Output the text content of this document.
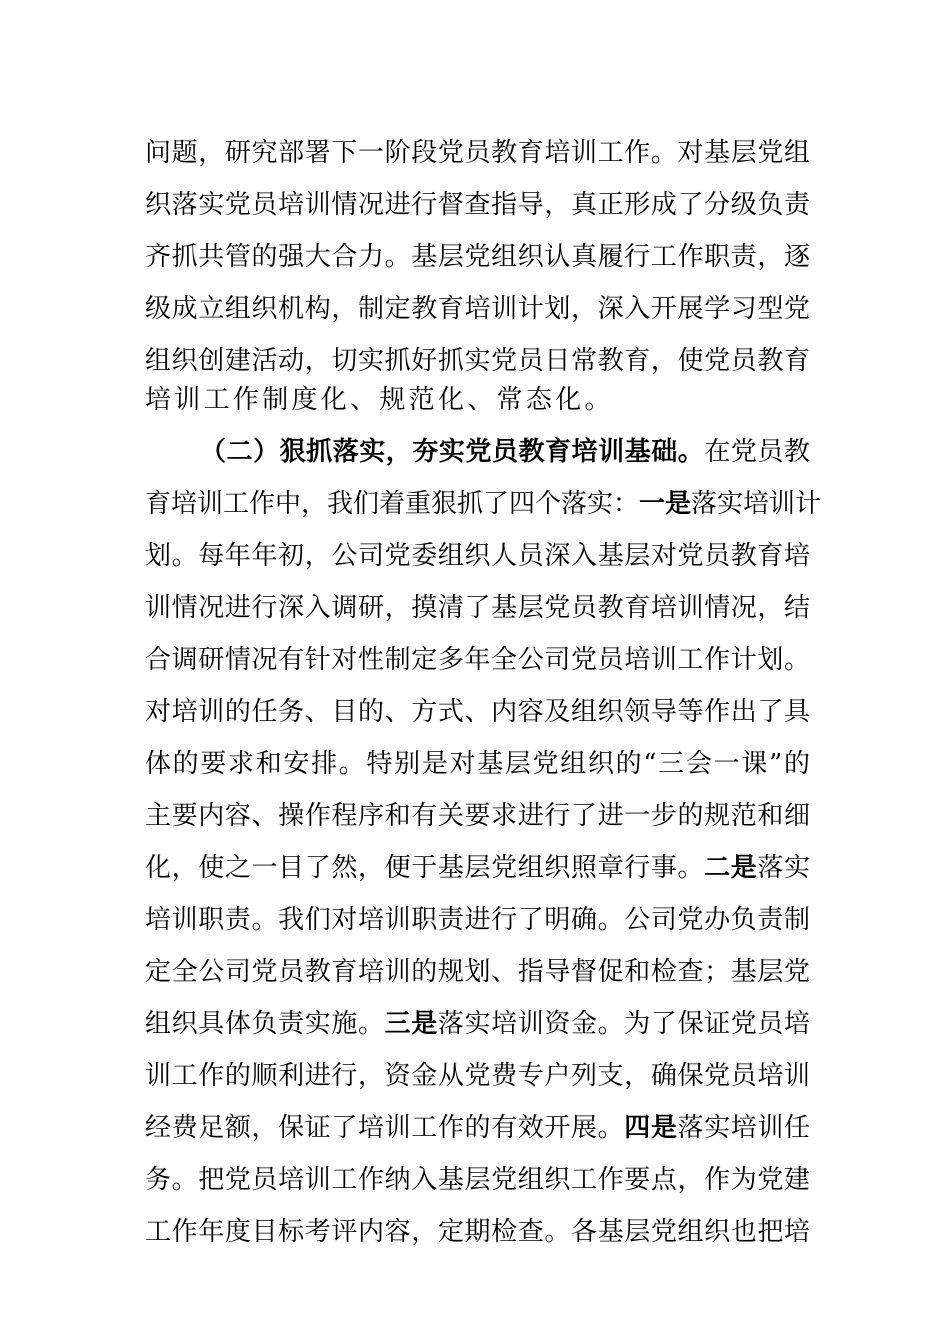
问题，研究部署下一阶段党员教育培训工作。对基层党组
织落实党员培训情况进行督查指导，真正形成了分级负责
齐抓共管的强大合力。基层党组织认真履行工作职责，逐
级成立组织机构，制定教育培训计划，深入开展学习型党
组织创建活动，切实抓好抓实党员日常教育，使党员教育
培训工作制度化、规范化、常态化。
（二）狠抓落实，夯实党员教育培训基础。在党员教
育培训工作中，我们着重狠抓了四个落实：一是落实培训计
划。每年年初，公司党委组织人员深入基层对党员教育培
训情况进行深入调研，摸清了基层党员教育培训情况，结
合调研情况有针对性制定多年全公司党员培训工作计划。
对培训的任务、目的、方式、内容及组织领导等作出了具
体的要求和安排。特别是对基层党组织的“三会一课”的
主要内容、操作程序和有关要求进行了进一步的规范和细
化，使之一目了然，便于基层党组织照章行事。二是落实
培训职责。我们对培训职责进行了明确。公司党办负责制
定全公司党员教育培训的规划、指导督促和检查；基层党
组织具体负责实施。三是落实培训资金。为了保证党员培
训工作的顺利进行，资金从党费专户列支，确保党员培训
经费足额，保证了培训工作的有效开展。四是落实培训任
务。把党员培训工作纳入基层党组织工作要点，作为党建
工作年度目标考评内容，定期检查。各基层党组织也把培
